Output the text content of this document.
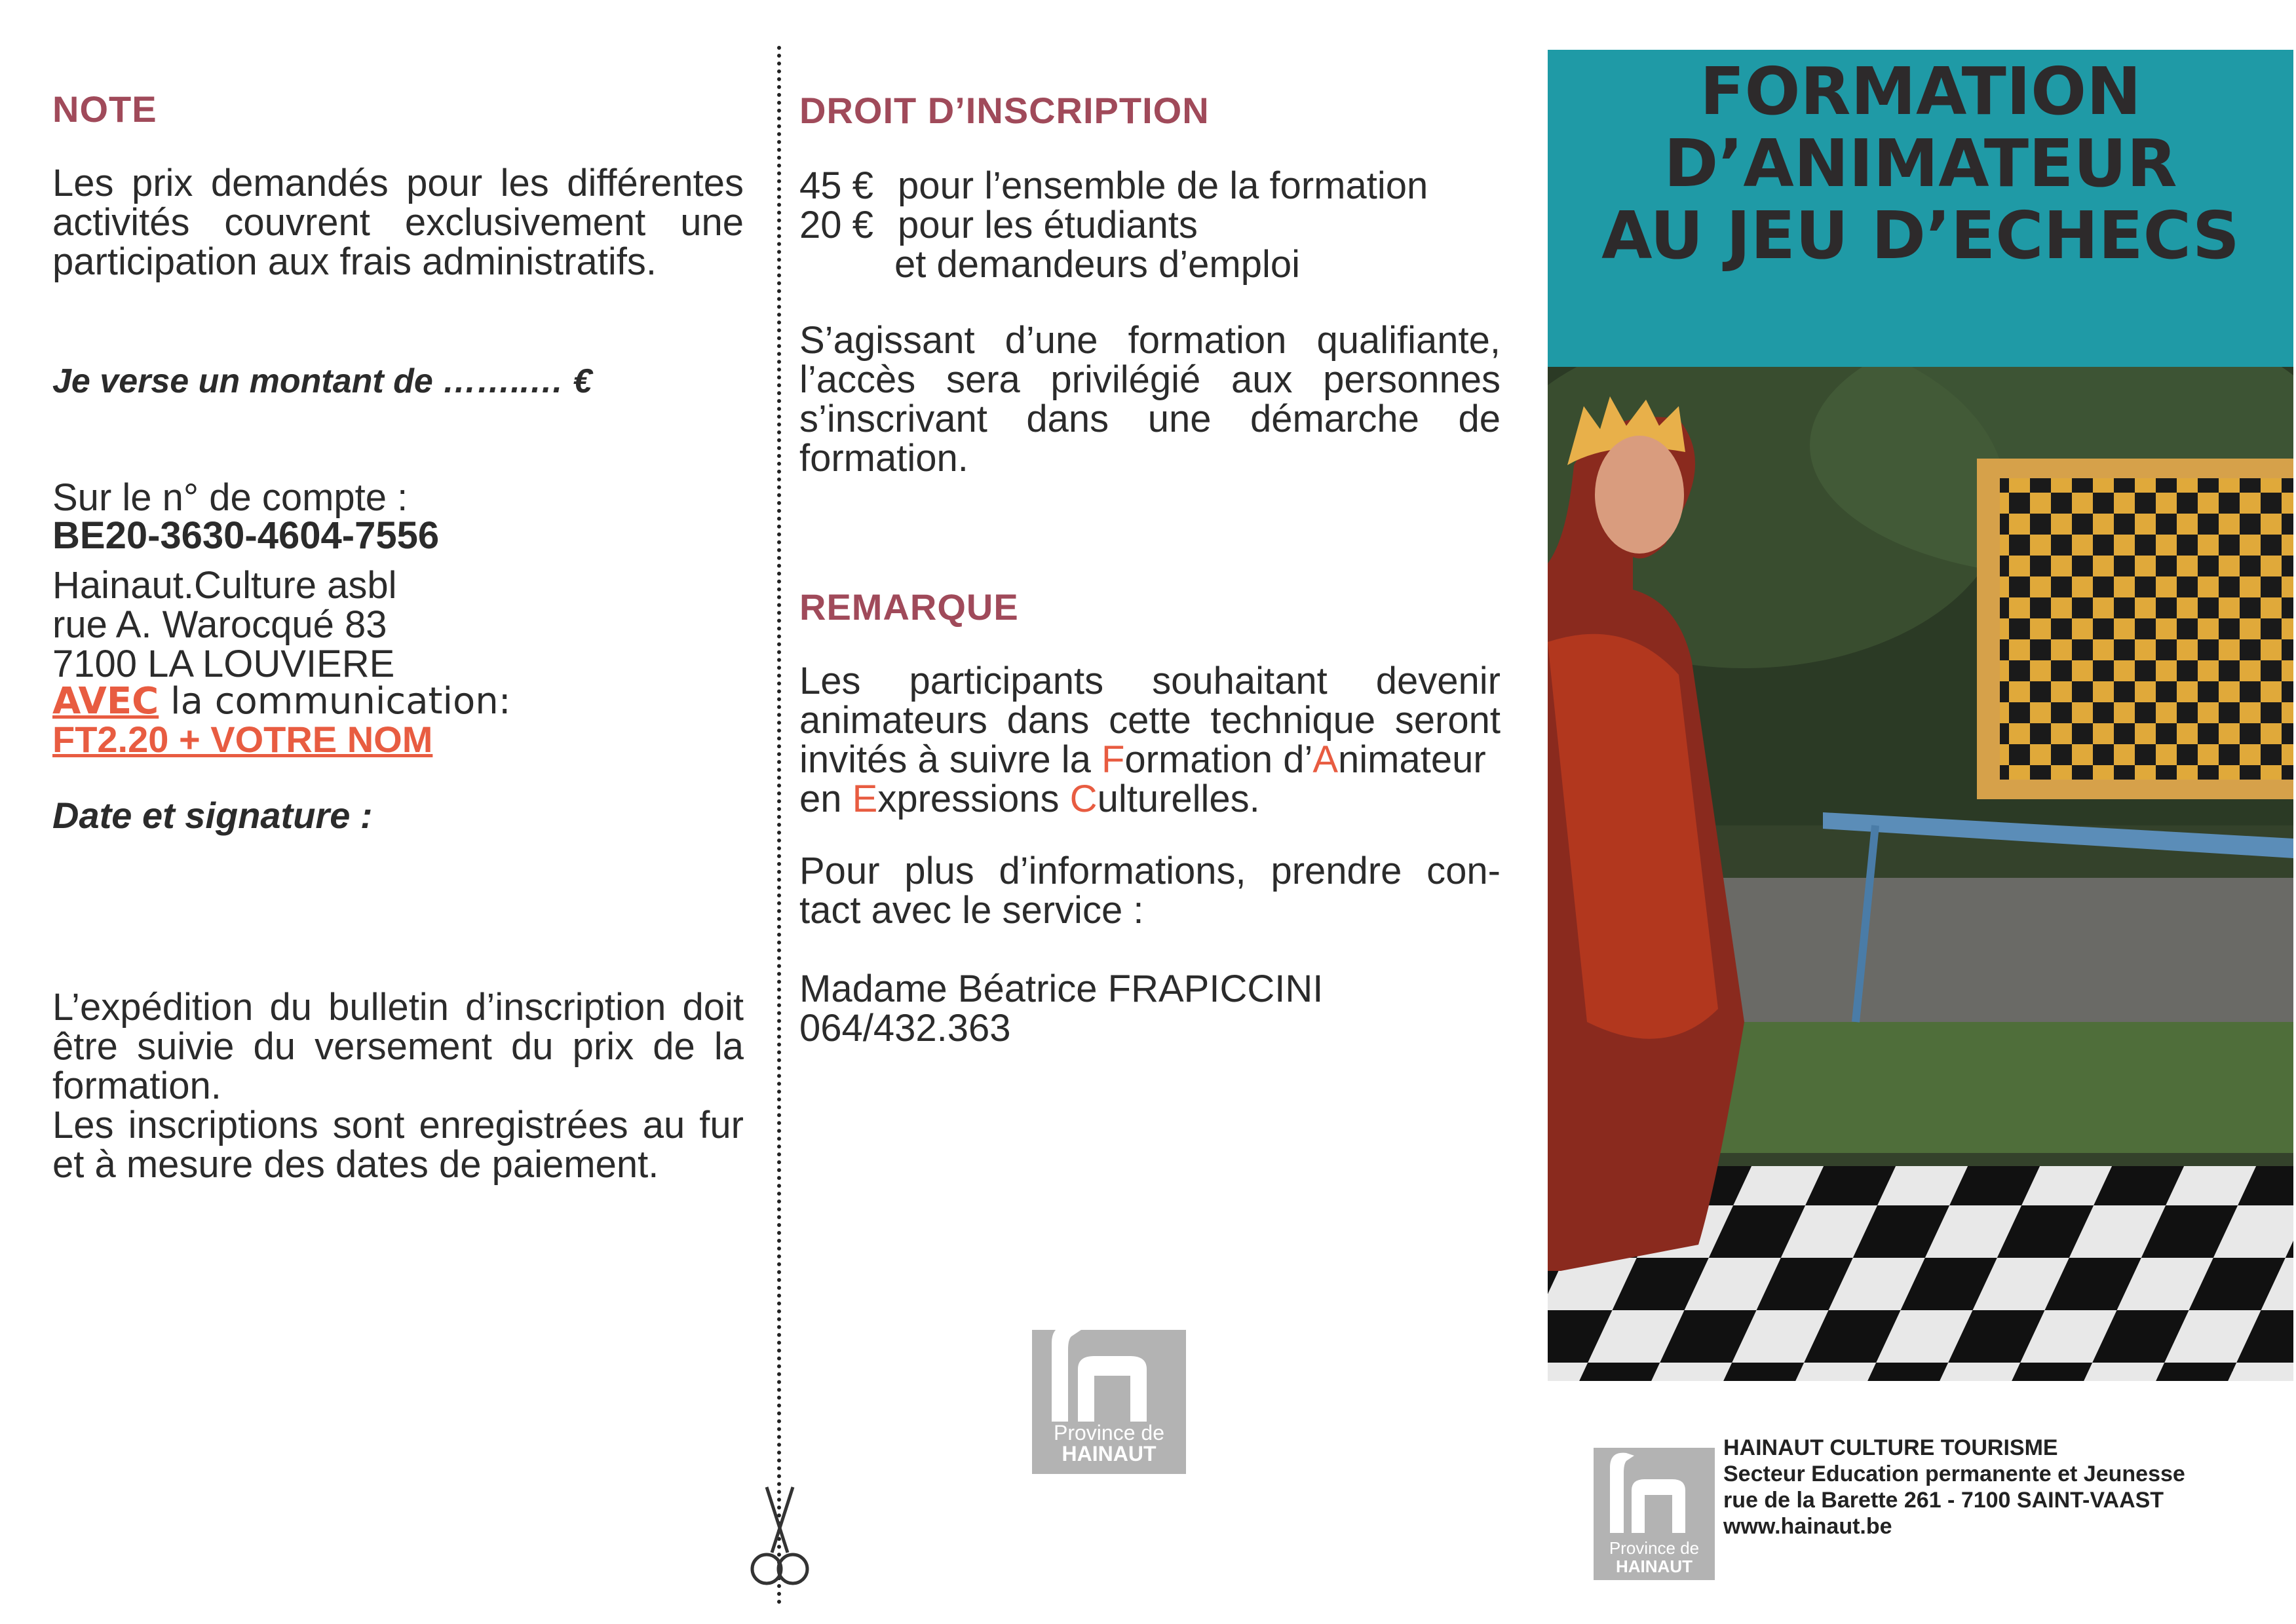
NOTE
Les prix demandés pour les différentes
activités couvrent exclusivement une
participation aux frais administratifs.
Je verse un montant de ……..… €
Sur le n° de compte :
BE20-3630-4604-7556
Hainaut.Culture asbl
rue A. Warocqué 83
7100 LA LOUVIERE
AVEC la communication:
FT2.20 + VOTRE NOM
Date et signature :
L’expédition du bulletin d’inscription doit
être suivie du versement du prix de la
formation.
Les inscriptions sont enregistrées au fur
et à mesure des dates de paiement.
DROIT D’INSCRIPTION
45 € pour l’ensemble de la formation
20 € pour les étudiants
et demandeurs d’emploi
S’agissant d’une formation qualifiante,
l’accès sera privilégié aux personnes
s’inscrivant dans une démarche de
formation.
REMARQUE
Les participants souhaitant devenir
animateurs dans cette technique seront
invités à suivre la Formation d’Animateur
en Expressions Culturelles.
Pour plus d’informations, prendre con-
tact avec le service :
Madame Béatrice FRAPICCINI
064/432.363
Province de
HAINAUT
FORMATION
D’ANIMATEUR
AU JEU D’ECHECS
Province de
HAINAUT
HAINAUT CULTURE TOURISME
Secteur Education permanente et Jeunesse
rue de la Barette 261 - 7100 SAINT-VAAST
www.hainaut.be
